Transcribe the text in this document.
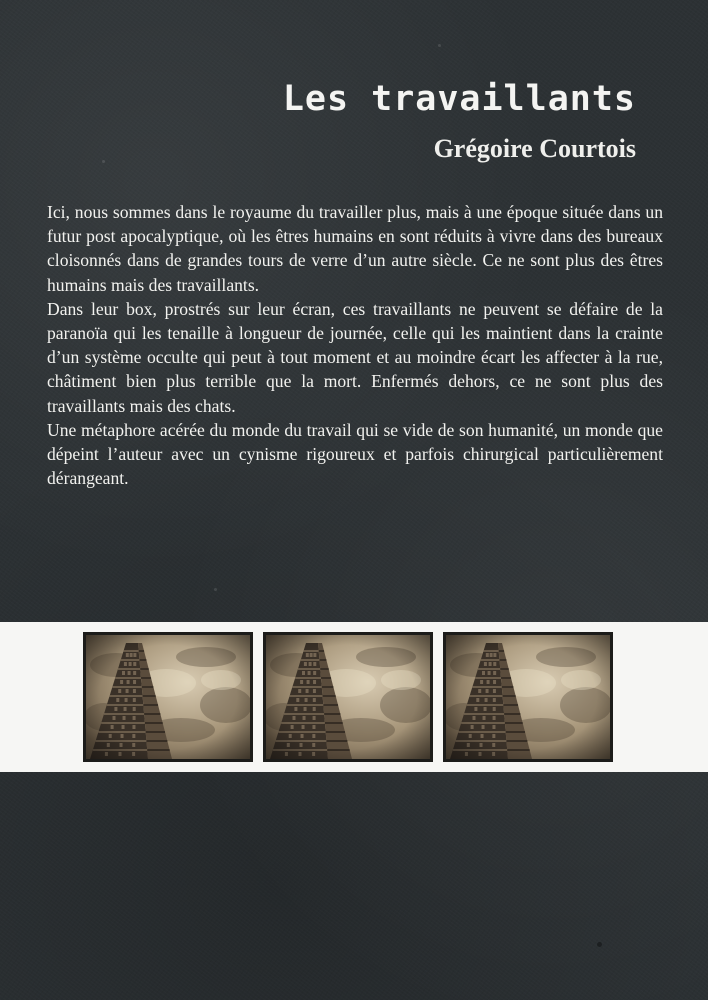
Les travaillants
Grégoire Courtois

Ici, nous sommes dans le royaume du travailler plus, mais à une époque située dans un futur post apocalyptique, où les êtres humains en sont réduits à vivre dans des bureaux cloisonnés dans de grandes tours de verre d’un autre siècle. Ce ne sont plus des êtres humains mais des travaillants.

Dans leur box, prostrés sur leur écran, ces travaillants ne peuvent se défaire de la paranoïa qui les tenaille à longueur de journée, celle qui les maintient dans la crainte d’un système occulte qui peut à tout moment et au moindre écart les affecter à la rue, châtiment bien plus terrible que la mort. Enfermés dehors, ce ne sont plus des travaillants mais des chats.

Une métaphore acérée du monde du travail qui se vide de son humanité, un monde que dépeint l’auteur avec un cynisme rigoureux et parfois chirurgical particulièrement dérangeant.
